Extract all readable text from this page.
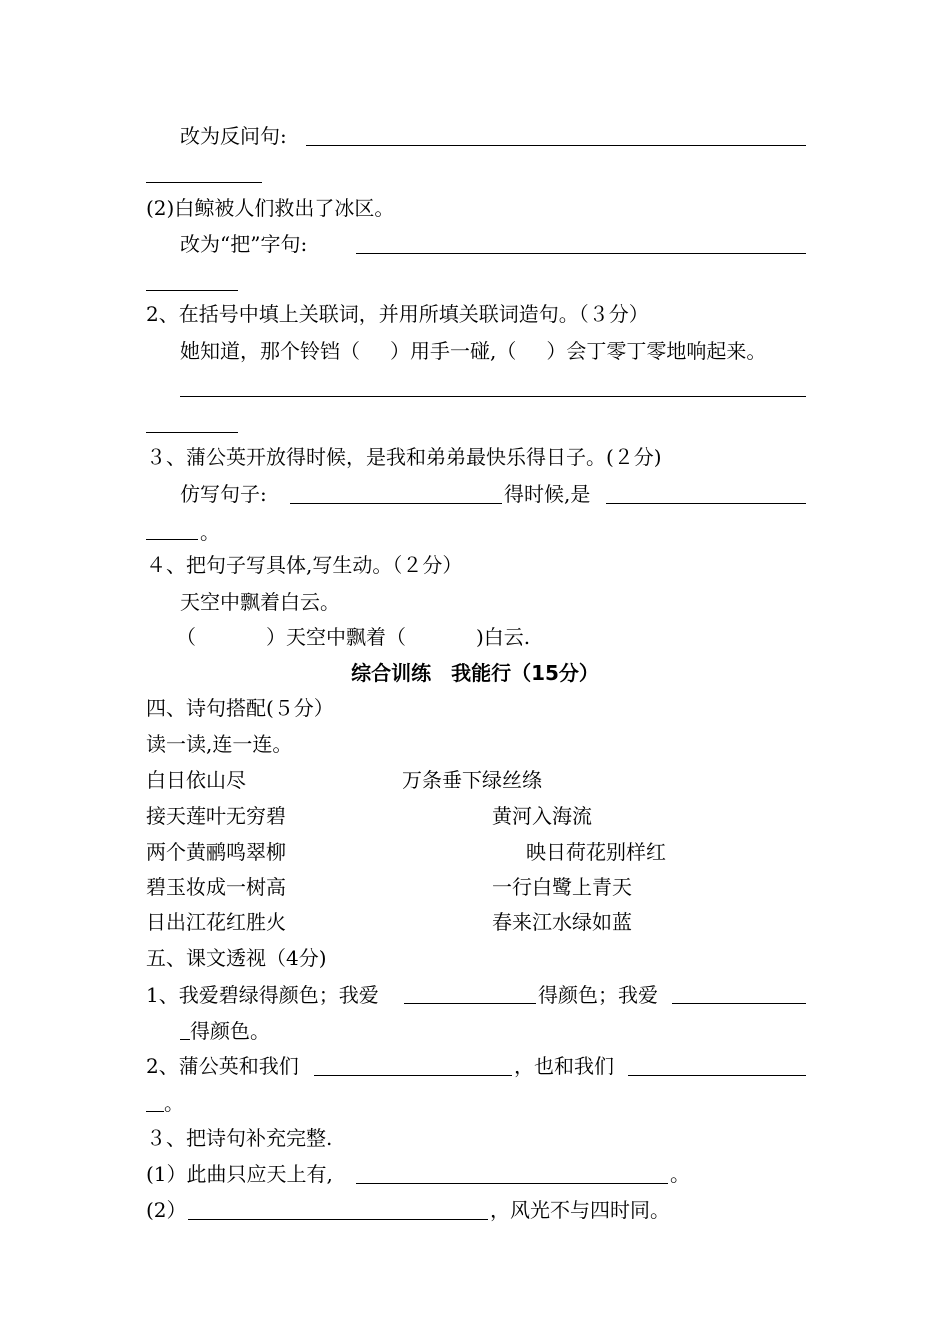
改为反问句:
(2)白鲸被人们救出了冰区。
改为“把”字句:
2、在括号中填上关联词，并用所填关联词造句。（３分）
她知道，那个铃铛（ ）用手一碰,（ ）会丁零丁零地响起来。
３、蒲公英开放得时候，是我和弟弟最快乐得日子。(２分)
仿写句子:	得时候,是
。
４、把句子写具体,写生动。（２分）
天空中飘着白云。
（	）天空中飘着（	)白云.
综合训练　我能行（15分）
四、诗句搭配(５分）
读一读,连一连。
白日依山尽	万条垂下绿丝绦
接天莲叶无穷碧	黄河入海流
两个黄鹂鸣翠柳	映日荷花别样红
碧玉妆成一树高	一行白鹭上青天
日出江花红胜火	春来江水绿如蓝
五、课文透视（4分)
1、我爱碧绿得颜色；我爱	得颜色；我爱
得颜色。
2、蒲公英和我们	，也和我们
。
３、把诗句补充完整.
(1）此曲只应天上有,	。
(2）	，风光不与四时同。
